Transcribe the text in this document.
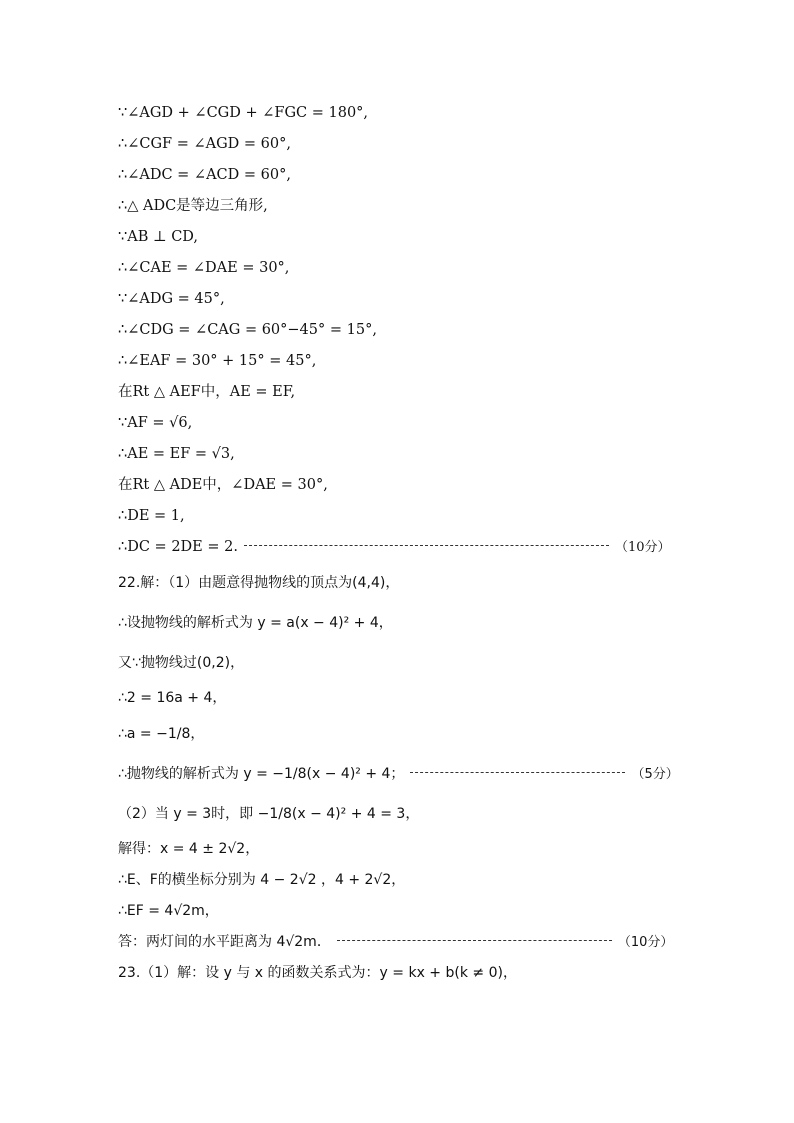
∵∠AGD + ∠CGD + ∠FGC = 180°,
∴∠CGF = ∠AGD = 60°,
∴∠ADC = ∠ACD = 60°,
∴△ ADC是等边三角形,
∵AB ⊥ CD,
∴∠CAE = ∠DAE = 30°,
∵∠ADG = 45°,
∴∠CDG = ∠CAG = 60°−45° = 15°,
∴∠EAF = 30° + 15° = 45°,
在Rt △ AEF中，AE = EF,
∵AF = √6,
∴AE = EF = √3,
在Rt △ ADE中，∠DAE = 30°,
∴DE = 1,
∴DC = 2DE = 2.	（10分）
22.解：（1）由题意得抛物线的顶点为(4,4)，
∴设抛物线的解析式为 y = a(x − 4)² + 4，
又∵抛物线过(0,2)，
∴2 = 16a + 4，
∴a = −1/8，
∴抛物线的解析式为 y = −1/8(x − 4)² + 4；	（5分）
（2）当 y = 3时，即 −1/8(x − 4)² + 4 = 3，
解得：x = 4 ± 2√2，
∴E、F的横坐标分别为 4 − 2√2 ，4 + 2√2，
∴EF = 4√2m，
答：两灯间的水平距离为 4√2m．	（10分）
23.（1）解：设 y 与 x 的函数关系式为：y = kx + b(k ≠ 0)，
